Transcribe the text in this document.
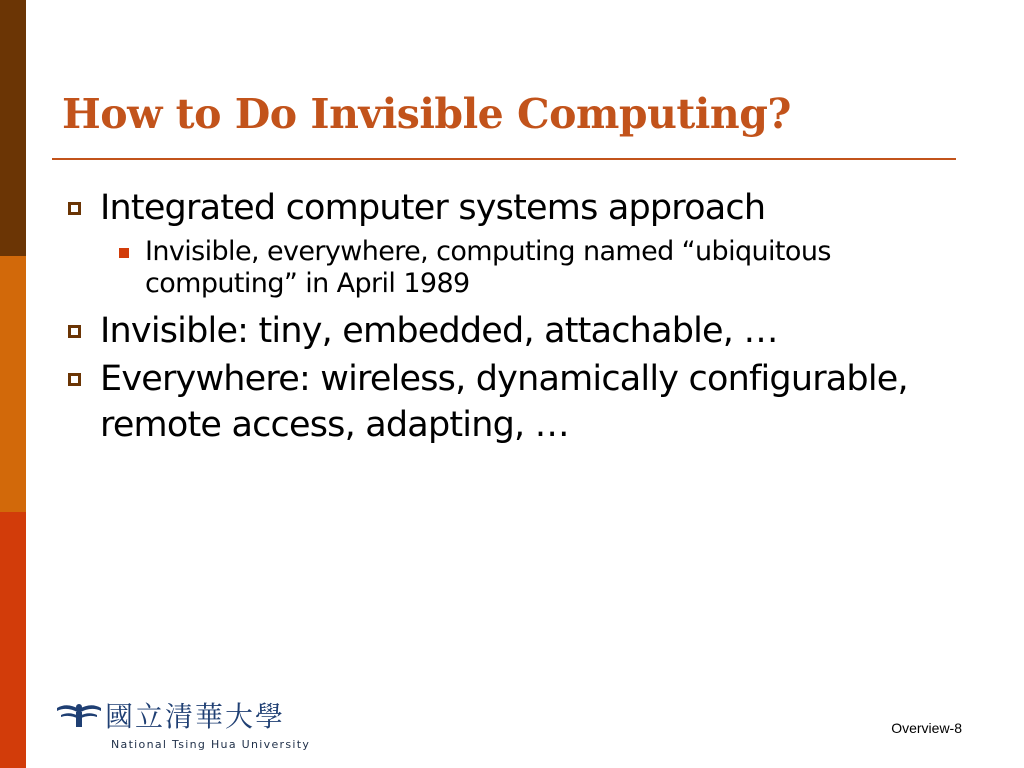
How to Do Invisible Computing?
Integrated computer systems approach
Invisible, everywhere, computing named “ubiquitous computing” in April 1989
Invisible: tiny, embedded, attachable, …
Everywhere: wireless, dynamically configurable, remote access, adapting, …

國立清華大學

National Tsing Hua University

Overview-8
